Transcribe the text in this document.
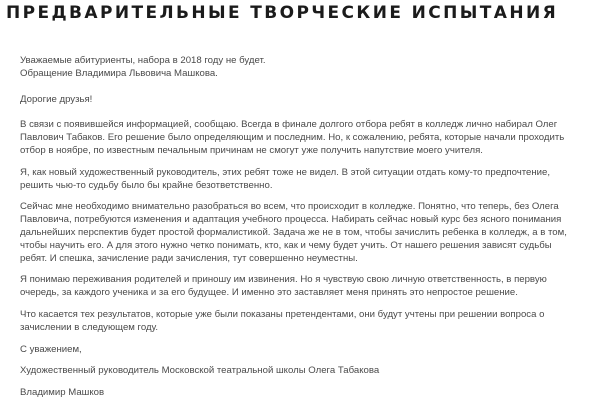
ПРЕДВАРИТЕЛЬНЫЕ ТВОРЧЕСКИЕ ИСПЫТАНИЯ

Уважаемые абитуриенты, набора в 2018 году не будет.
Обращение Владимира Львовича Машкова.

Дорогие друзья!

В связи с появившейся информацией, сообщаю. Всегда в финале долгого отбора ребят в колледж лично набирал Олег
Павлович Табаков. Его решение было определяющим и последним. Но, к сожалению, ребята, которые начали проходить
отбор в ноябре, по известным печальным причинам не смогут уже получить напутствие моего учителя.

Я, как новый художественный руководитель, этих ребят тоже не видел. В этой ситуации отдать кому-то предпочтение,
решить чью-то судьбу было бы крайне безответственно.

Сейчас мне необходимо внимательно разобраться во всем, что происходит в колледже. Понятно, что теперь, без Олега
Павловича, потребуются изменения и адаптация учебного процесса. Набирать сейчас новый курс без ясного понимания
дальнейших перспектив будет простой формалистикой. Задача же не в том, чтобы зачислить ребенка в колледж, а в том,
чтобы научить его. А для этого нужно четко понимать, кто, как и чему будет учить. От нашего решения зависят судьбы
ребят. И спешка, зачисление ради зачисления, тут совершенно неуместны.

Я понимаю переживания родителей и приношу им извинения. Но я чувствую свою личную ответственность, в первую
очередь, за каждого ученика и за его будущее. И именно это заставляет меня принять это непростое решение.

Что касается тех результатов, которые уже были показаны претендентами, они будут учтены при решении вопроса о
зачислении в следующем году.

С уважением,

Художественный руководитель Московской театральной школы Олега Табакова

Владимир Машков
